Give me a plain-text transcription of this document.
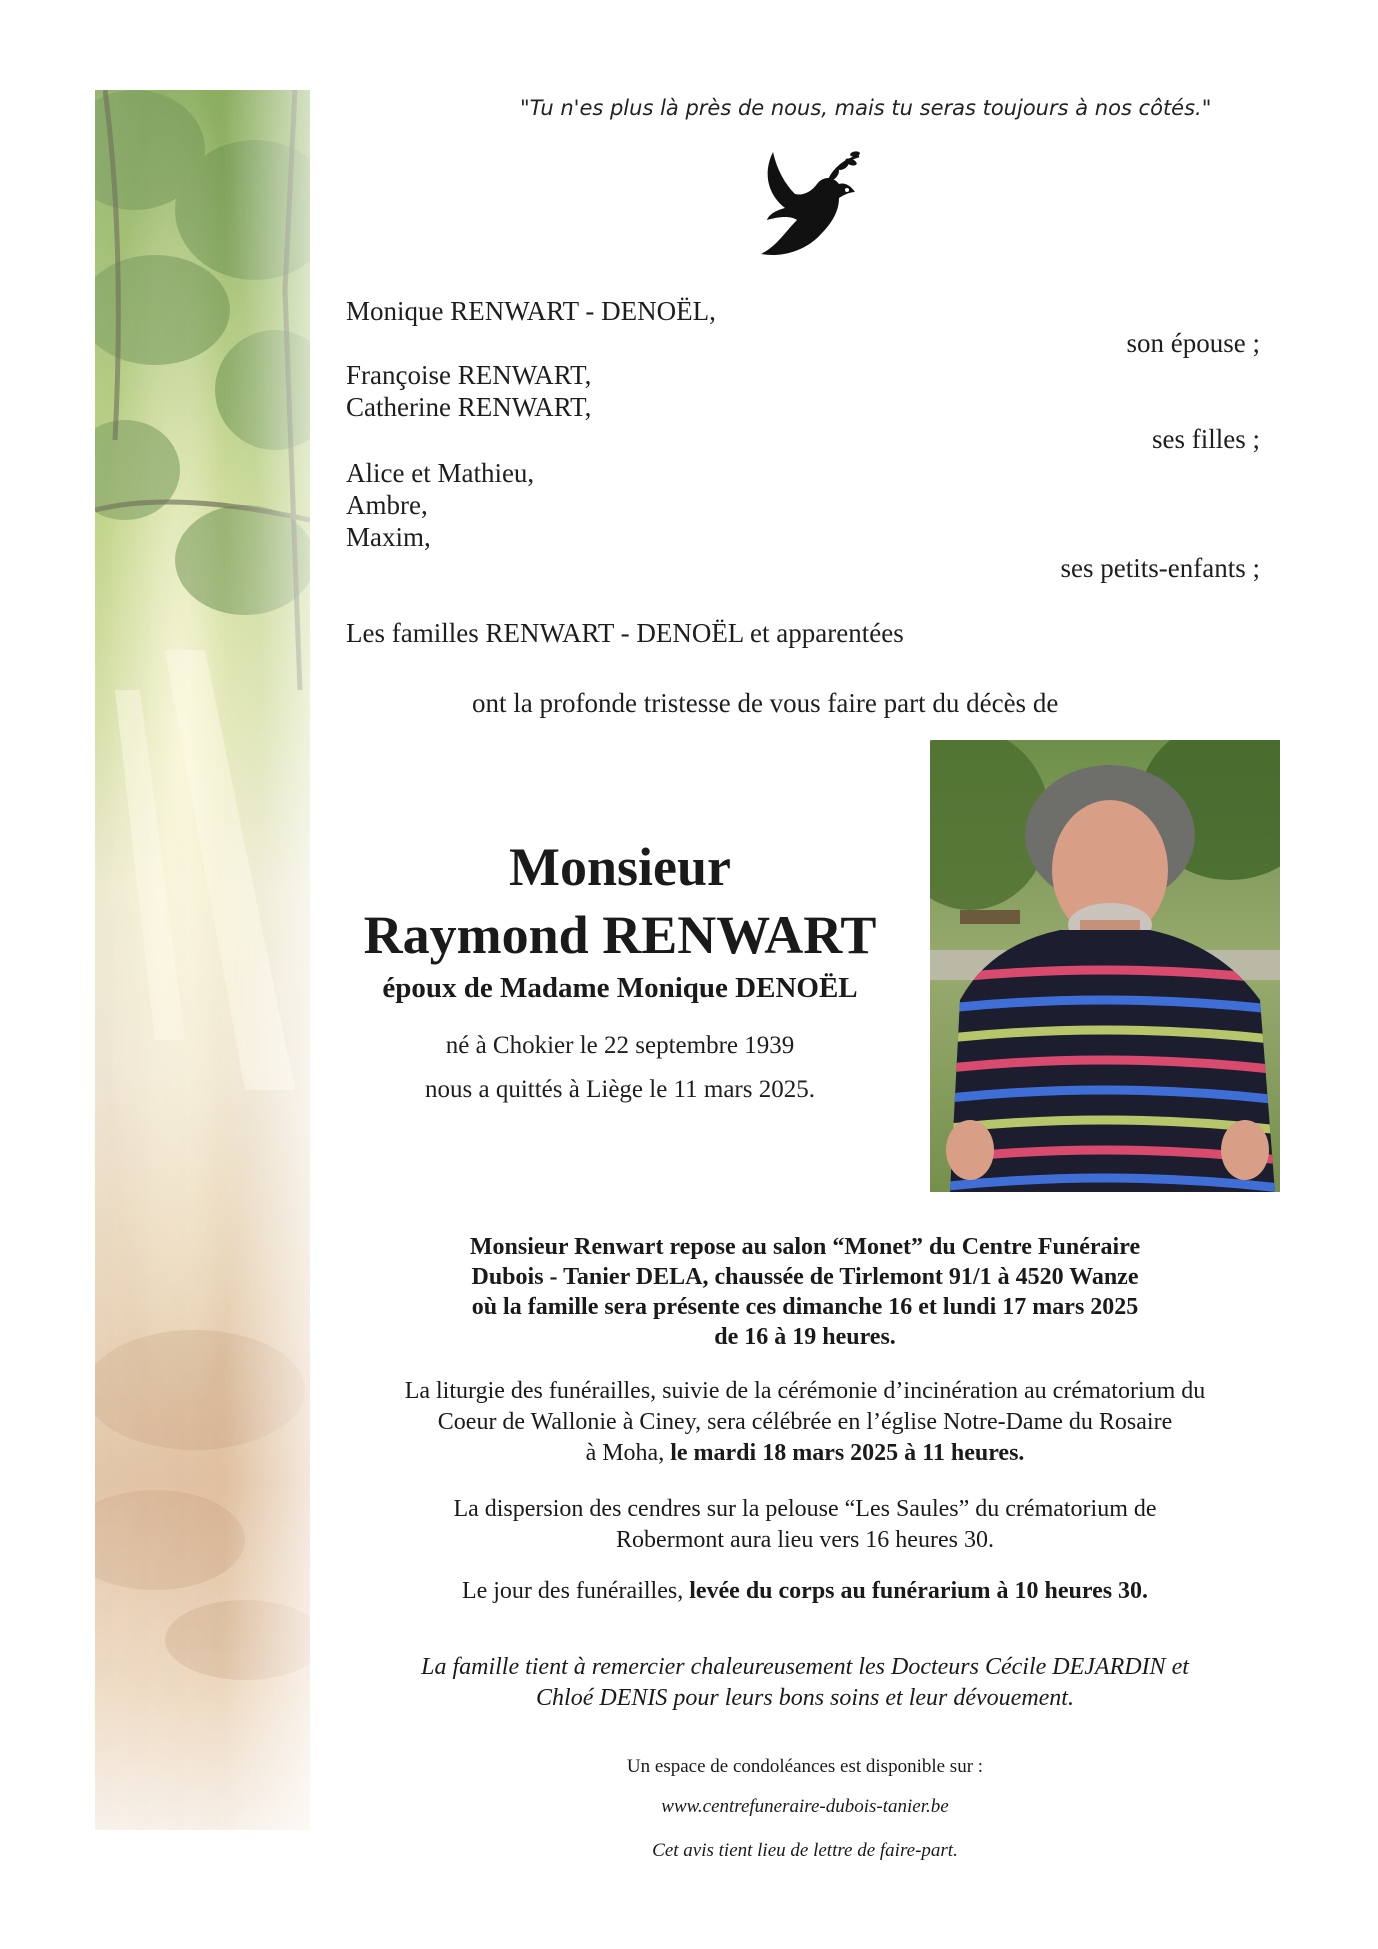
"Tu n'es plus là près de nous, mais tu seras toujours à nos côtés."
Monique RENWART - DENOËL,
son épouse ;
Françoise RENWART,
Catherine RENWART,
ses filles ;
Alice et Mathieu,
Ambre,
Maxim,
ses petits-enfants ;
Les familles RENWART - DENOËL et apparentées
ont la profonde tristesse de vous faire part du décès de
Monsieur
Raymond RENWART
époux de Madame Monique DENOËL
né à Chokier le 22 septembre 1939
nous a quittés à Liège le 11 mars 2025.
Monsieur Renwart repose au salon “Monet” du Centre Funéraire
Dubois - Tanier DELA, chaussée de Tirlemont 91/1 à 4520 Wanze
où la famille sera présente ces dimanche 16 et lundi 17 mars 2025
de 16 à 19 heures.
La liturgie des funérailles, suivie de la cérémonie d’incinération au crématorium du
Coeur de Wallonie à Ciney, sera célébrée en l’église Notre-Dame du Rosaire
à Moha, le mardi 18 mars 2025 à 11 heures.
La dispersion des cendres sur la pelouse “Les Saules” du crématorium de
Robermont aura lieu vers 16 heures 30.
Le jour des funérailles, levée du corps au funérarium à 10 heures 30.
La famille tient à remercier chaleureusement les Docteurs Cécile DEJARDIN et
Chloé DENIS pour leurs bons soins et leur dévouement.
Un espace de condoléances est disponible sur :
www.centrefuneraire-dubois-tanier.be
Cet avis tient lieu de lettre de faire-part.
